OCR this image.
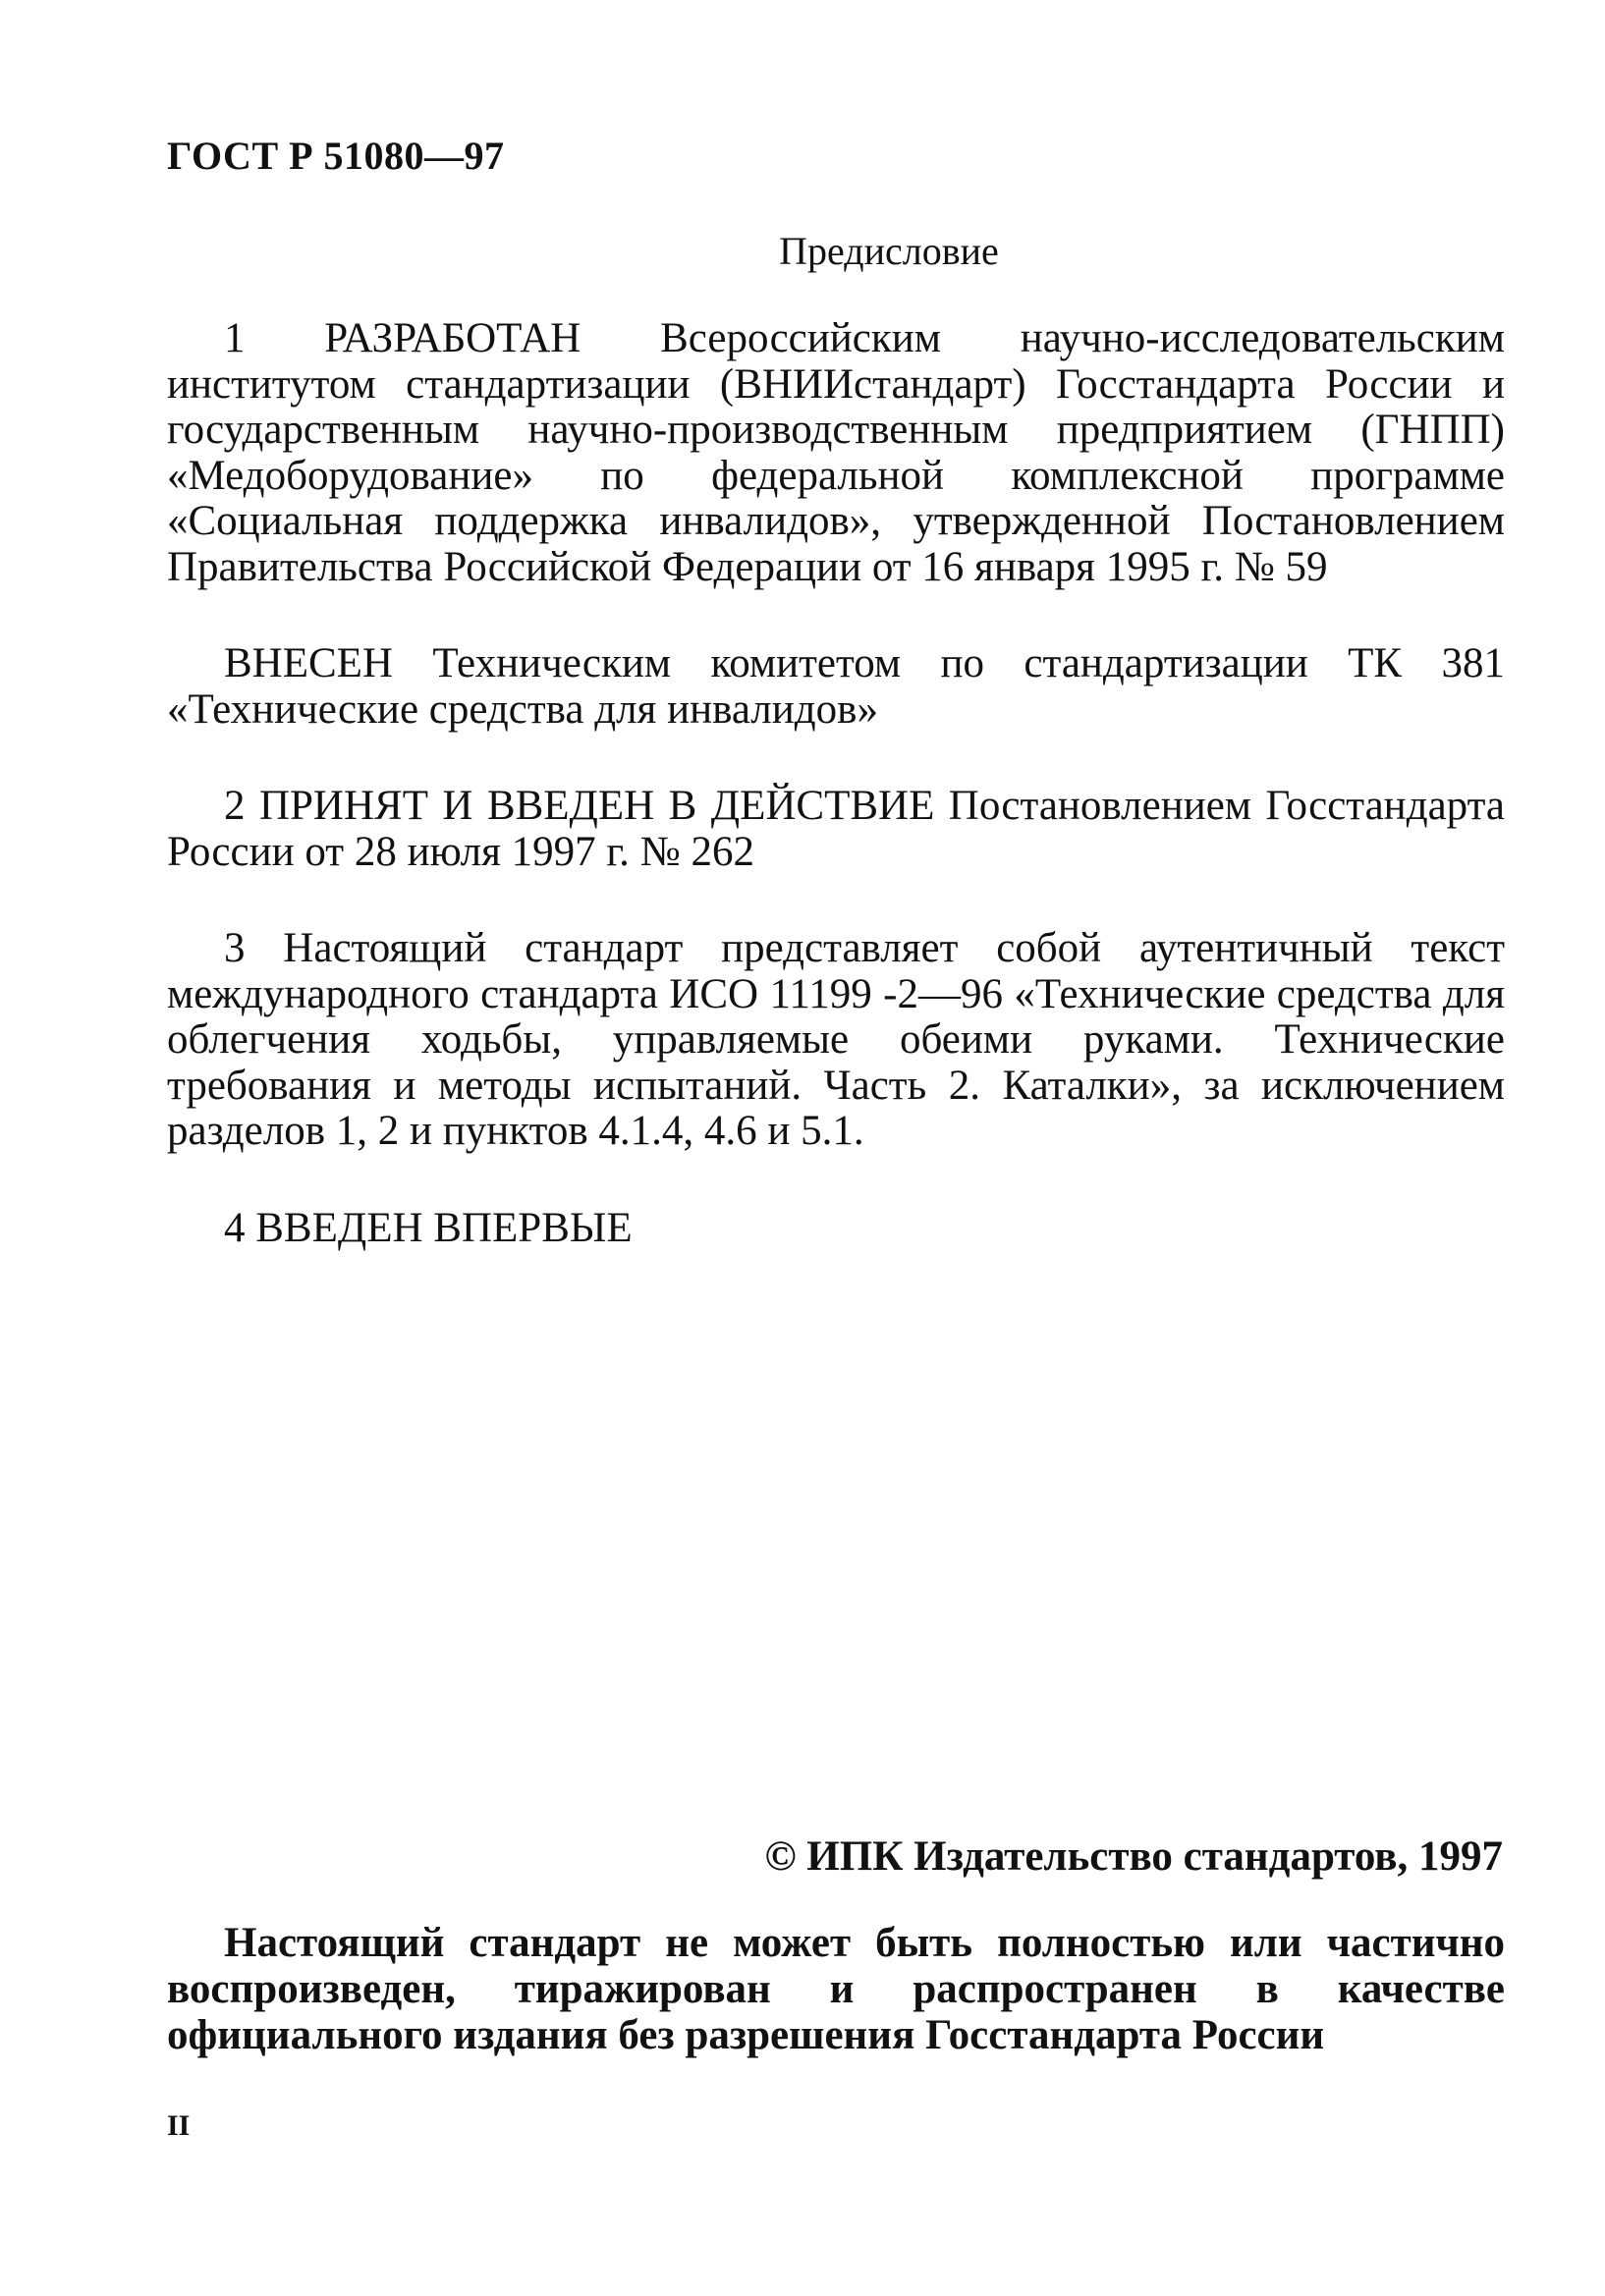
ГОСТ Р 51080—97
Предисловие

1 РАЗРАБОТАН Всероссийским научно-исследовательским институтом стандартизации (ВНИИстандарт) Госстандарта России и государственным научно-производственным предприятием (ГНПП) «Медоборудование» по федеральной комплексной программе «Социальная поддержка инвалидов», утвержденной Постановлением Правительства Российской Федерации от 16 января 1995 г. № 59

ВНЕСЕН Техническим комитетом по стандартизации ТК 381 «Технические средства для инвалидов»

2 ПРИНЯТ И ВВЕДЕН В ДЕЙСТВИЕ Постановлением Госстандарта России от 28 июля 1997 г. № 262

3 Настоящий стандарт представляет собой аутентичный текст международного стандарта ИСО 11199 -2—96 «Технические средства для облегчения ходьбы, управляемые обеими руками. Технические требования и методы испытаний. Часть 2. Каталки», за исключением разделов 1, 2 и пунктов 4.1.4, 4.6 и 5.1.

4 ВВЕДЕН ВПЕРВЫЕ

© ИПК Издательство стандартов, 1997

Настоящий стандарт не может быть полностью или частично воспроизведен, тиражирован и распространен в качестве официального издания без разрешения Госстандарта России

II
